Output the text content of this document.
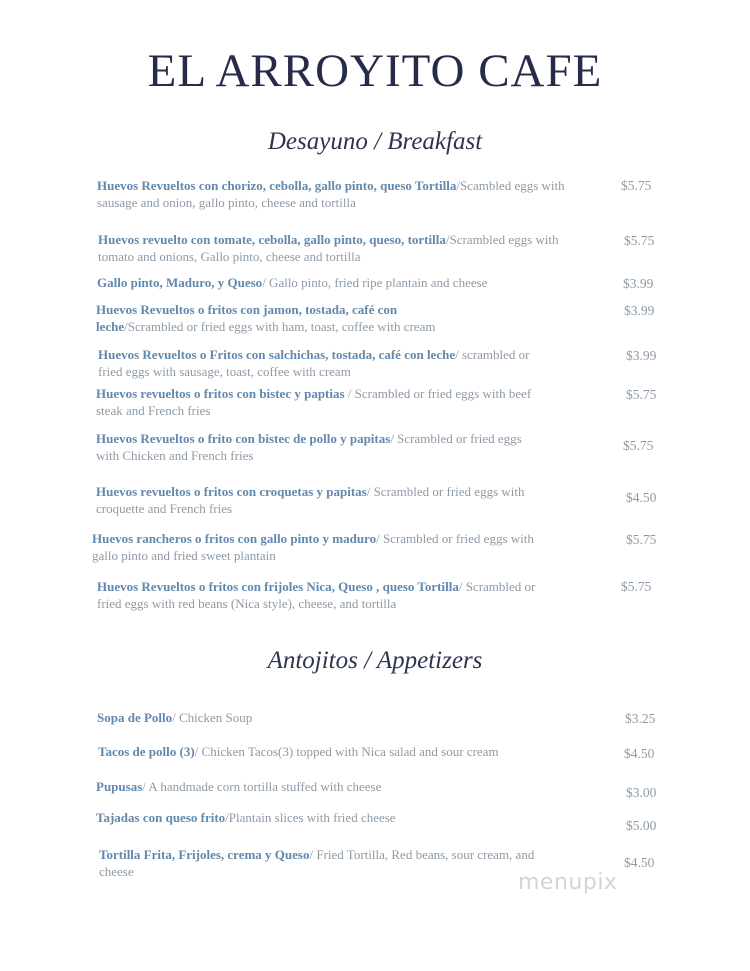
EL ARROYITO CAFE
Desayuno / Breakfast
Huevos Revueltos con chorizo, cebolla, gallo pinto, queso Tortilla/Scambled eggs with sausage and onion, gallo pinto, cheese and tortilla
$5.75
Huevos revuelto con tomate, cebolla, gallo pinto, queso, tortilla/Scrambled eggs with tomato and onions, Gallo pinto, cheese and tortilla
$5.75
Gallo pinto, Maduro, y Queso/ Gallo pinto, fried ripe plantain and cheese	$3.99
Huevos Revueltos o fritos con jamon, tostada, café con leche/Scrambled or fried eggs with ham, toast, coffee with cream
$3.99
Huevos Revueltos o Fritos con salchichas, tostada, café con leche/ scrambled or fried eggs with sausage, toast, coffee with cream
$3.99
Huevos revueltos o fritos con bistec y paptias / Scrambled or fried eggs with beef steak and French fries
$5.75
Huevos Revueltos o frito con bistec de pollo y papitas/ Scrambled or fried eggs with Chicken and French fries
$5.75
Huevos revueltos o fritos con croquetas y papitas/ Scrambled or fried eggs with croquette and French fries
$4.50
Huevos rancheros o fritos con gallo pinto y maduro/ Scrambled or fried eggs with gallo pinto and fried sweet plantain
$5.75
Huevos Revueltos o fritos con frijoles Nica, Queso , queso Tortilla/ Scrambled or fried eggs with red beans (Nica style), cheese, and tortilla
$5.75
Antojitos / Appetizers
Sopa de Pollo/ Chicken Soup	$3.25
Tacos de pollo (3)/ Chicken Tacos(3) topped with Nica salad and sour cream	$4.50
Pupusas/ A handmade corn tortilla stuffed with cheese	$3.00
Tajadas con queso frito/Plantain slices with fried cheese
$5.00
Tortilla Frita, Frijoles, crema y Queso/ Fried Tortilla, Red beans, sour cream, and cheese
$4.50
menupix
